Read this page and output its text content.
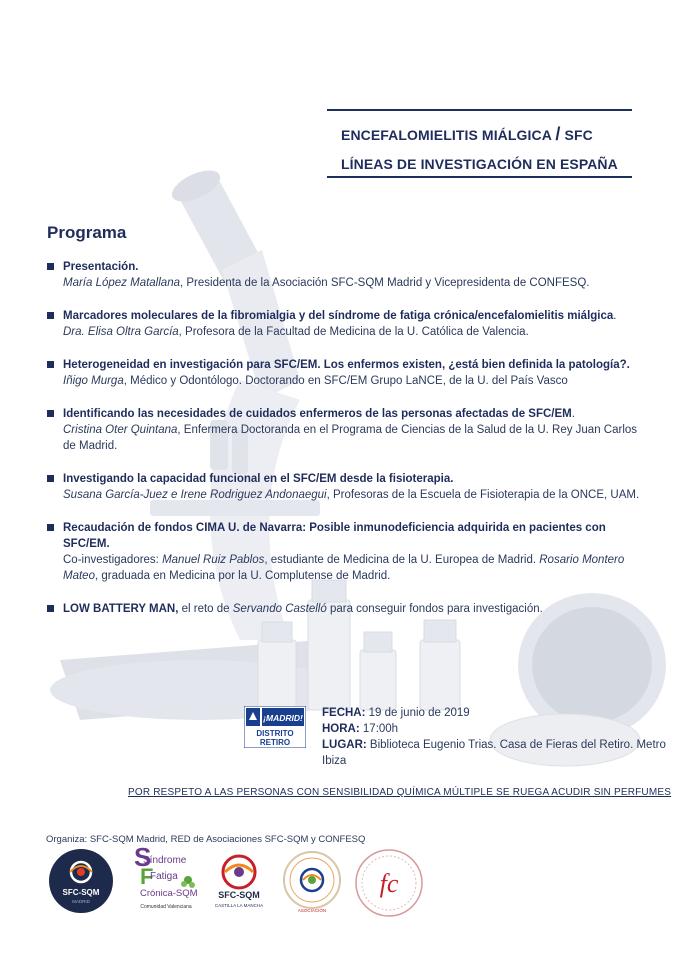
ENCEFALOMIELITIS MIÁLGICA / SFC
LÍNEAS DE INVESTIGACIÓN EN ESPAÑA
Programa
Presentación.
María López Matallana, Presidenta de la Asociación SFC-SQM Madrid y Vicepresidenta de CONFESQ.
Marcadores moleculares de la fibromialgia y del síndrome de fatiga crónica/encefalomielitis miálgica.
Dra. Elisa Oltra García, Profesora de la Facultad de Medicina de la U. Católica de Valencia.
Heterogeneidad en investigación para SFC/EM. Los enfermos existen, ¿está bien definida la patología?.
Iñigo Murga, Médico y Odontólogo. Doctorando en SFC/EM Grupo LaNCE, de la U. del País Vasco
Identificando las necesidades de cuidados enfermeros de las personas afectadas de SFC/EM.
Cristina Oter Quintana, Enfermera Doctoranda en el Programa de Ciencias de la Salud de la U. Rey Juan Carlos de Madrid.
Investigando la capacidad funcional en el SFC/EM desde la fisioterapia.
Susana García-Juez e Irene Rodriguez Andonaegui, Profesoras de la Escuela de Fisioterapia de la ONCE, UAM.
Recaudación de fondos CIMA U. de Navarra: Posible inmunodeficiencia adquirida en pacientes con SFC/EM.
Co-investigadores: Manuel Ruiz Pablos, estudiante de Medicina de la U. Europea de Madrid. Rosario Montero Mateo, graduada en Medicina por la U. Complutense de Madrid.
LOW BATTERY MAN, el reto de Servando Castelló para conseguir fondos para investigación.
¡MADRID!
DISTRITO
RETIRO
FECHA: 19 de junio de 2019
HORA: 17:00h
LUGAR: Biblioteca Eugenio Trias. Casa de Fieras del Retiro. Metro Ibiza
POR RESPETO A LAS PERSONAS CON SENSIBILIDAD QUÍMICA MÚLTIPLE SE RUEGA ACUDIR SIN PERFUMES
Organiza: SFC-SQM Madrid, RED de Asociaciones SFC-SQM y CONFESQ
SFC-SQM
MADRID
S
Síndrome
F
Fatiga
Crónica-SQM
Comunidad Valenciana
SFC-SQM
CASTILLA LA MANCHA
ASOCIACIÓN
fc
